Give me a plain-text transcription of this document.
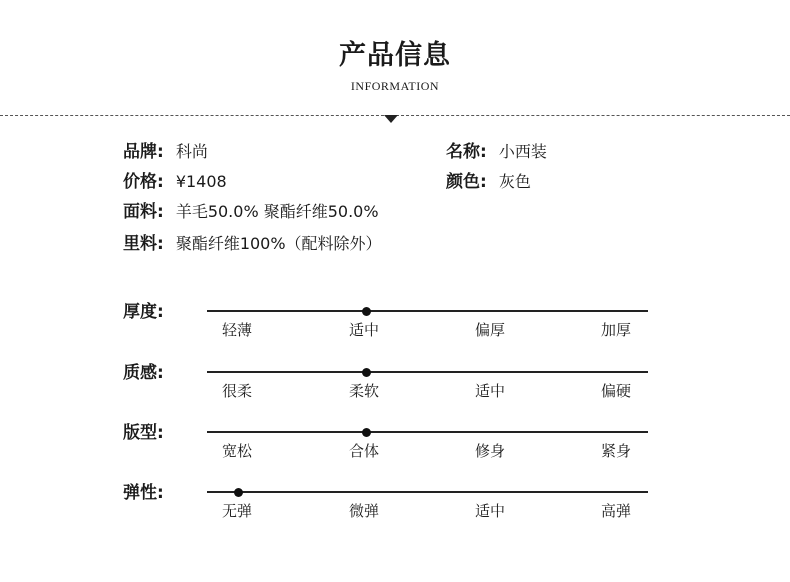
产品信息
INFORMATION
品牌: 科尚	名称: 小西装
价格: ¥1408	颜色: 灰色
面料: 羊毛50.0% 聚酯纤维50.0%
里料: 聚酯纤维100%（配料除外）
厚度:
轻薄	适中	偏厚	加厚
质感:
很柔	柔软	适中	偏硬
版型:
宽松	合体	修身	紧身
弹性:
无弹	微弹	适中	高弹
